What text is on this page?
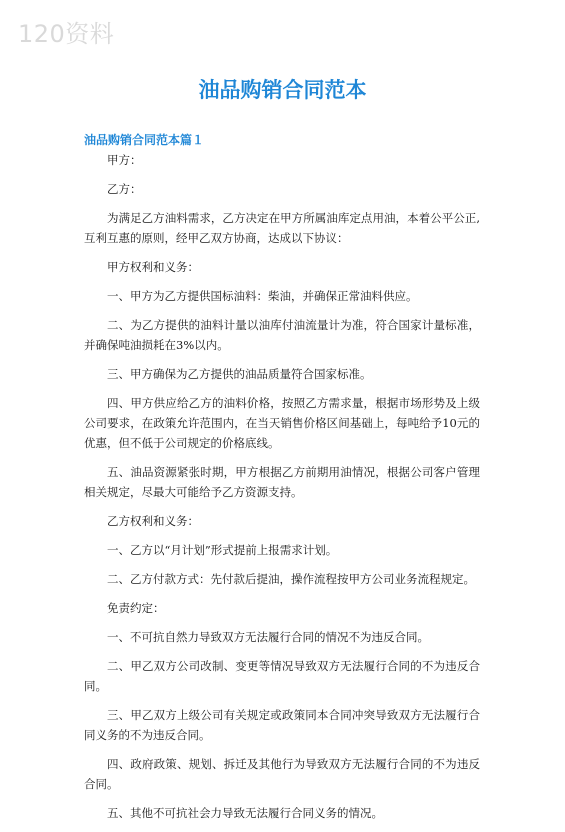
120资料
油品购销合同范本
油品购销合同范本篇１

甲方：

乙方：

为满足乙方油料需求，乙方决定在甲方所属油库定点用油，本着公平公正,互利互惠的原则，经甲乙双方协商，达成以下协议：

甲方权利和义务：

一、甲方为乙方提供国标油料：柴油，并确保正常油料供应。

二、为乙方提供的油料计量以油库付油流量计为准，符合国家计量标准，并确保吨油损耗在3%以内。

三、甲方确保为乙方提供的油品质量符合国家标准。

四、甲方供应给乙方的油料价格，按照乙方需求量，根据市场形势及上级公司要求，在政策允许范围内，在当天销售价格区间基础上，每吨给予10元的优惠，但不低于公司规定的价格底线。

五、油品资源紧张时期，甲方根据乙方前期用油情况，根据公司客户管理相关规定，尽最大可能给予乙方资源支持。

乙方权利和义务：

一、乙方以“月计划”形式提前上报需求计划。

二、乙方付款方式：先付款后提油，操作流程按甲方公司业务流程规定。

免责约定：

一、不可抗自然力导致双方无法履行合同的情况不为违反合同。

二、甲乙双方公司改制、变更等情况导致双方无法履行合同的不为违反合同。

三、甲乙双方上级公司有关规定或政策同本合同冲突导致双方无法履行合同义务的不为违反合同。

四、政府政策、规划、拆迁及其他行为导致双方无法履行合同的不为违反合同。

五、其他不可抗社会力导致无法履行合同义务的情况。
